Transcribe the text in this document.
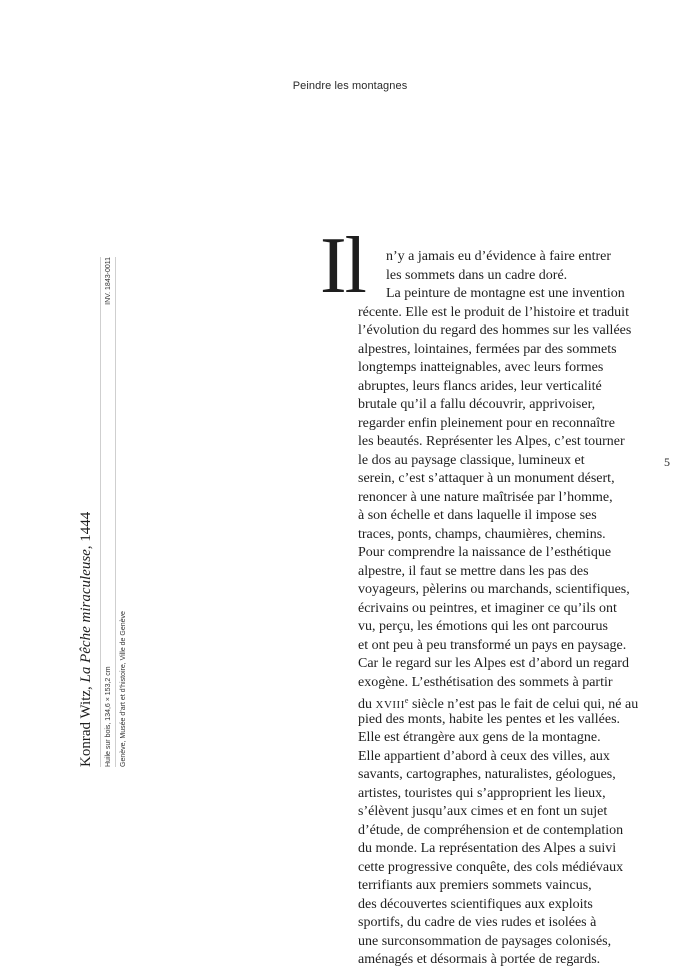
Peindre les montagnes
5
Konrad Witz, La Pêche miraculeuse, 1444
Huile sur bois, 134,6 × 153,2 cm
INV. 1843-0011
Genève, Musée d’art et d’histoire, Ville de Genève
Il	n’y a jamais eu d’évidence à faire entrer
les sommets dans un cadre doré.
La peinture de montagne est une invention
récente. Elle est le produit de l’histoire et traduit
l’évolution du regard des hommes sur les vallées
alpestres, lointaines, fermées par des sommets
longtemps inatteignables, avec leurs formes
abruptes, leurs flancs arides, leur verticalité
brutale qu’il a fallu découvrir, apprivoiser,
regarder enfin pleinement pour en reconnaître
les beautés. Représenter les Alpes, c’est tourner
le dos au paysage classique, lumineux et
serein, c’est s’attaquer à un monument désert,
renoncer à une nature maîtrisée par l’homme,
à son échelle et dans laquelle il impose ses
traces, ponts, champs, chaumières, chemins.
Pour comprendre la naissance de l’esthétique
alpestre, il faut se mettre dans les pas des
voyageurs, pèlerins ou marchands, scientifiques,
écrivains ou peintres, et imaginer ce qu’ils ont
vu, perçu, les émotions qui les ont parcourus
et ont peu à peu transformé un pays en paysage.
Car le regard sur les Alpes est d’abord un regard
exogène. L’esthétisation des sommets à partir
du XVIIIe siècle n’est pas le fait de celui qui, né au
pied des monts, habite les pentes et les vallées.
Elle est étrangère aux gens de la montagne.
Elle appartient d’abord à ceux des villes, aux
savants, cartographes, naturalistes, géologues,
artistes, touristes qui s’approprient les lieux,
s’élèvent jusqu’aux cimes et en font un sujet
d’étude, de compréhension et de contemplation
du monde. La représentation des Alpes a suivi
cette progressive conquête, des cols médiévaux
terrifiants aux premiers sommets vaincus,
des découvertes scientifiques aux exploits
sportifs, du cadre de vies rudes et isolées à
une surconsommation de paysages colonisés,
aménagés et désormais à portée de regards.
